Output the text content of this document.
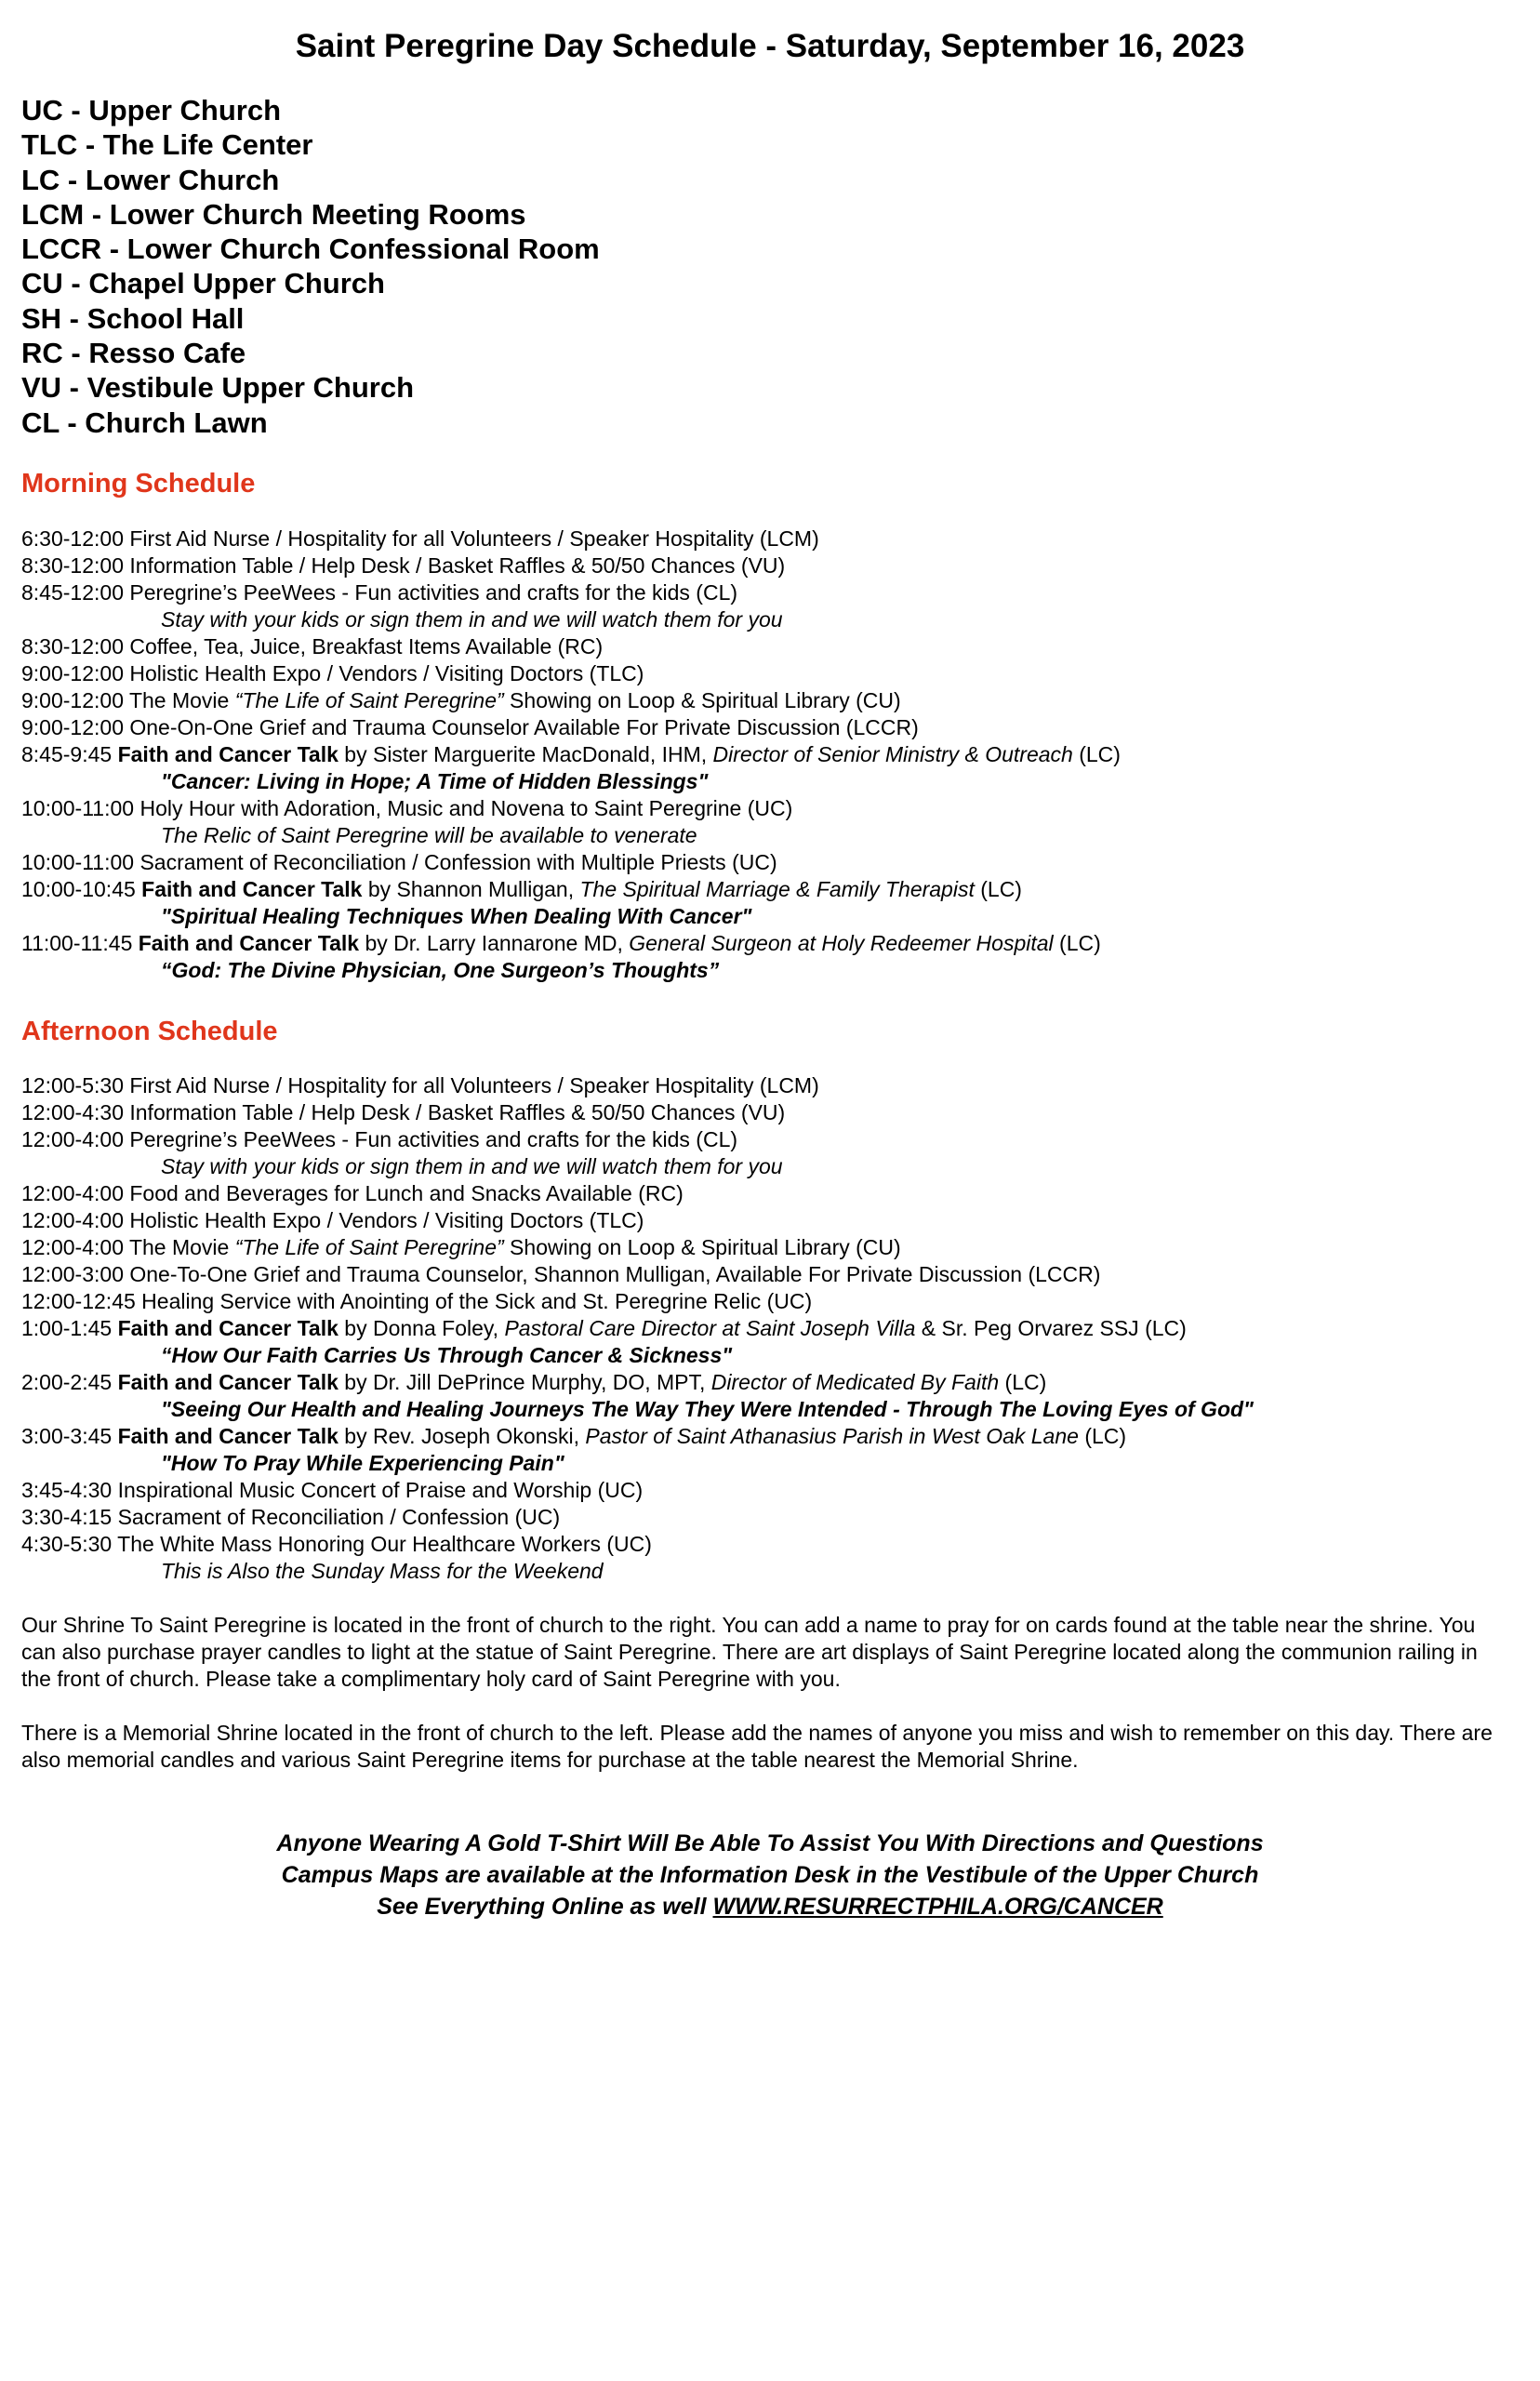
Saint Peregrine Day Schedule - Saturday, September 16, 2023
UC - Upper Church
TLC - The Life Center
LC - Lower Church
LCM - Lower Church Meeting Rooms
LCCR - Lower Church Confessional Room
CU - Chapel Upper Church
SH - School Hall
RC - Resso Cafe
VU - Vestibule Upper Church
CL - Church Lawn
Morning Schedule
6:30-12:00 First Aid Nurse / Hospitality for all Volunteers / Speaker Hospitality (LCM)
8:30-12:00 Information Table / Help Desk / Basket Raffles & 50/50 Chances (VU)
8:45-12:00 Peregrine’s PeeWees - Fun activities and crafts for the kids (CL)
Stay with your kids or sign them in and we will watch them for you
8:30-12:00 Coffee, Tea, Juice, Breakfast Items Available (RC)
9:00-12:00 Holistic Health Expo / Vendors / Visiting Doctors (TLC)
9:00-12:00 The Movie “The Life of Saint Peregrine” Showing on Loop & Spiritual Library (CU)
9:00-12:00 One-On-One Grief and Trauma Counselor Available For Private Discussion (LCCR)
8:45-9:45 Faith and Cancer Talk by Sister Marguerite MacDonald, IHM, Director of Senior Ministry & Outreach (LC)
"Cancer: Living in Hope; A Time of Hidden Blessings"
10:00-11:00 Holy Hour with Adoration, Music and Novena to Saint Peregrine (UC)
The Relic of Saint Peregrine will be available to venerate
10:00-11:00 Sacrament of Reconciliation / Confession with Multiple Priests (UC)
10:00-10:45 Faith and Cancer Talk by Shannon Mulligan, The Spiritual Marriage & Family Therapist (LC)
"Spiritual Healing Techniques When Dealing With Cancer"
11:00-11:45 Faith and Cancer Talk by Dr. Larry Iannarone MD, General Surgeon at Holy Redeemer Hospital (LC)
“God: The Divine Physician, One Surgeon’s Thoughts”
Afternoon Schedule
12:00-5:30 First Aid Nurse / Hospitality for all Volunteers / Speaker Hospitality (LCM)
12:00-4:30 Information Table / Help Desk / Basket Raffles & 50/50 Chances (VU)
12:00-4:00 Peregrine’s PeeWees - Fun activities and crafts for the kids (CL)
Stay with your kids or sign them in and we will watch them for you
12:00-4:00 Food and Beverages for Lunch and Snacks Available (RC)
12:00-4:00 Holistic Health Expo / Vendors / Visiting Doctors (TLC)
12:00-4:00 The Movie “The Life of Saint Peregrine” Showing on Loop & Spiritual Library (CU)
12:00-3:00 One-To-One Grief and Trauma Counselor, Shannon Mulligan, Available For Private Discussion (LCCR)
12:00-12:45 Healing Service with Anointing of the Sick and St. Peregrine Relic (UC)
1:00-1:45 Faith and Cancer Talk by Donna Foley, Pastoral Care Director at Saint Joseph Villa & Sr. Peg Orvarez SSJ (LC)
“How Our Faith Carries Us Through Cancer & Sickness"
2:00-2:45 Faith and Cancer Talk by Dr. Jill DePrince Murphy, DO, MPT, Director of Medicated By Faith (LC)
"Seeing Our Health and Healing Journeys The Way They Were Intended - Through The Loving Eyes of God"
3:00-3:45 Faith and Cancer Talk by Rev. Joseph Okonski, Pastor of Saint Athanasius Parish in West Oak Lane (LC)
"How To Pray While Experiencing Pain"
3:45-4:30 Inspirational Music Concert of Praise and Worship (UC)
3:30-4:15 Sacrament of Reconciliation / Confession (UC)
4:30-5:30 The White Mass Honoring Our Healthcare Workers (UC)
This is Also the Sunday Mass for the Weekend

Our Shrine To Saint Peregrine is located in the front of church to the right. You can add a name to pray for on cards found at the table near the shrine. You can also purchase prayer candles to light at the statue of Saint Peregrine. There are art displays of Saint Peregrine located along the communion railing in the front of church. Please take a complimentary holy card of Saint Peregrine with you.

There is a Memorial Shrine located in the front of church to the left. Please add the names of anyone you miss and wish to remember on this day. There are also memorial candles and various Saint Peregrine items for purchase at the table nearest the Memorial Shrine.

Anyone Wearing A Gold T-Shirt Will Be Able To Assist You With Directions and Questions
Campus Maps are available at the Information Desk in the Vestibule of the Upper Church
See Everything Online as well WWW.RESURRECTPHILA.ORG/CANCER
